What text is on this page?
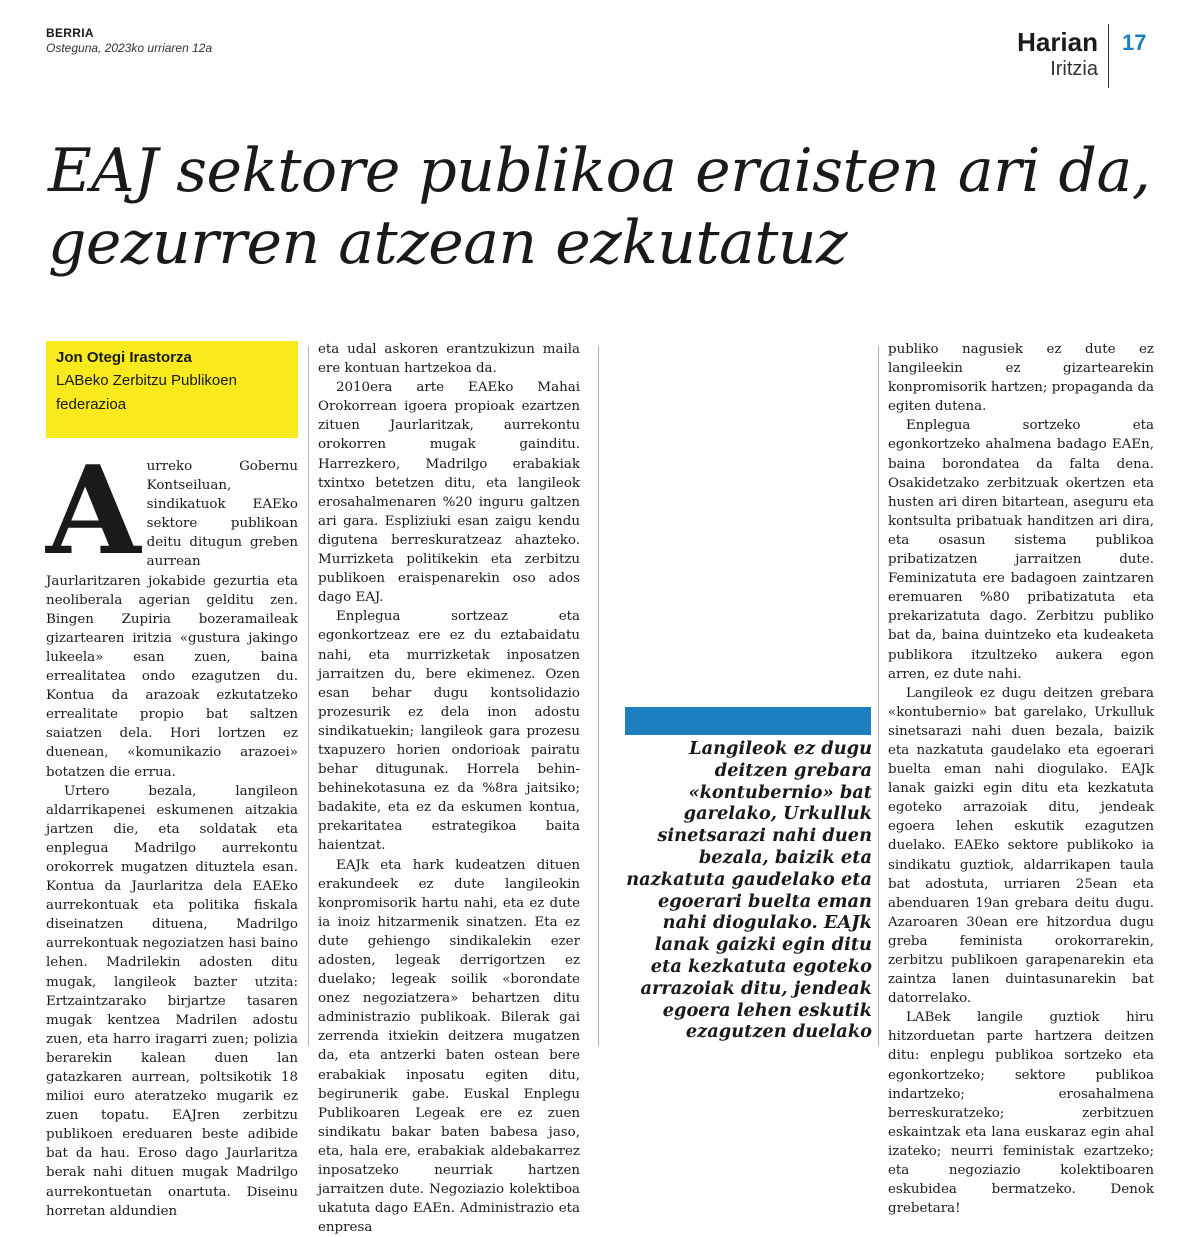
BERRIA
Osteguna, 2023ko urriaren 12a	Harian
Iritzia
17
EAJ sektore publikoa eraisten ari da, gezurren atzean ezkutatuz
Jon Otegi Irastorza
LABeko Zerbitzu Publikoen federazioa

Aurreko Gobernu Kontseiluan, sindikatuok EAEko sektore publikoan deitu ditugun greben aurrean Jaurlaritzaren jokabide gezurtia eta neoliberala agerian gelditu zen. Bingen Zupiria bozeramaileak gizartearen iritzia «gustura jakingo lukeela» esan zuen, baina errealitatea ondo ezagutzen du. Kontua da arazoak ezkutatzeko errealitate propio bat saltzen saiatzen dela. Hori lortzen ez duenean, «komunikazio arazoei» botatzen die errua.

Urtero bezala, langileon aldarrikapenei eskumenen aitzakia jartzen die, eta soldatak eta enplegua Madrilgo aurrekontu orokorrek mugatzen dituztela esan. Kontua da Jaurlaritza dela EAEko aurrekontuak eta politika fiskala diseinatzen dituena, Madrilgo aurrekontuak negoziatzen hasi baino lehen. Madrilekin adosten ditu mugak, langileok bazter utzita: Ertzaintzarako birjartze tasaren mugak kentzea Madrilen adostu zuen, eta harro iragarri zuen; poliziа berarekin kalean duen lan gatazkaren aurrean, poltsikotik 18 milioi euro ateratzeko mugarik ez zuen topatu. EAJren zerbitzu publikoen ereduaren beste adibide bat da hau. Eroso dago Jaurlaritza berak nahi dituen mugak Madrilgo aurrekontuetan onartuta. Diseinu horretan aldundien

eta udal askoren erantzukizun maila ere kontuan hartzekoa da.

2010era arte EAEko Mahai Orokorrean igoera propioak ezartzen zituen Jaurlaritzak, aurrekontu orokorren mugak gainditu. Harrezkero, Madrilgo erabakiak txintxo betetzen ditu, eta langileok erosahalmenaren %20 inguru galtzen ari gara. Espliziuki esan zaigu kendu digutena berreskuratzeaz ahazteko. Murrizketa politikekin eta zerbitzu publikoen eraispenarekin oso ados dago EAJ.

Enplegua sortzeaz eta egonkortzeaz ere ez du eztabaidatu nahi, eta murrizketak inposatzen jarraitzen du, bere ekimenez. Ozen esan behar dugu kontsolidazio prozesurik ez dela inon adostu sindikatuekin; langileok gara prozesu txapuzero horien ondorioak pairatu behar ditugunak. Horrela behin-behinekotasuna ez da %8ra jaitsiko; badakite, eta ez da eskumen kontua, prekaritatea estrategikoa baita haientzat.

EAJk eta hark kudeatzen dituen erakundeek ez dute langileokin konpromisorik hartu nahi, eta ez dute ia inoiz hitzarmenik sinatzen. Eta ez dute gehiengo sindikalekin ezer adosten, legeak derrigortzen ez duelako; legeak soilik «borondate onez negoziatzera» behartzen ditu administrazio publikoak. Bilerak gai zerrenda itxiekin deitzera mugatzen da, eta antzerki baten ostean bere erabakiak inposatu egiten ditu, begirunerik gabe. Euskal Enplegu Publikoaren Legeak ere ez zuen sindikatu bakar baten babesa jaso, eta, hala ere, erabakiak aldebakarrez inposatzeko neurriak hartzen jarraitzen dute. Negoziazio kolektiboa ukatuta dago EAEn. Administrazio eta enpresa

Langileok ez dugu deitzen grebara «kontubernio» bat garelako, Urkulluk sinetsarazi nahi duen bezala, baizik eta nazkatuta gaudelako eta egoerari buelta eman nahi diogulako. EAJk lanak gaizki egin ditu eta kezkatuta egoteko arrazoiak ditu, jendeak egoera lehen eskutik ezagutzen duelako

publiko nagusiek ez dute ez langileekin ez gizartearekin konpromisorik hartzen; propaganda da egiten dutena.

Enplegua sortzeko eta egonkortzeko ahalmena badago EAEn, baina borondatea da falta dena. Osakidetzako zerbitzuak okertzen eta husten ari diren bitartean, aseguru eta kontsulta pribatuak handitzen ari dira, eta osasun sistema publikoa pribatizatzen jarraitzen dute. Feminizatuta ere badagoen zaintzaren eremuaren %80 pribatizatuta eta prekarizatuta dago. Zerbitzu publiko bat da, baina duintzeko eta kudeaketa publikora itzultzeko aukera egon arren, ez dute nahi.

Langileok ez dugu deitzen grebara «kontubernio» bat garelako, Urkulluk sinetsarazi nahi duen bezala, baizik eta nazkatuta gaudelako eta egoerari buelta eman nahi diogulako. EAJk lanak gaizki egin ditu eta kezkatuta egoteko arrazoiak ditu, jendeak egoera lehen eskutik ezagutzen duelako. EAEko sektore publikoko ia sindikatu guztiok, aldarrikapen taula bat adostuta, urriaren 25ean eta abenduaren 19an grebara deitu dugu. Azaroaren 30ean ere hitzordua dugu greba feminista orokorrarekin, zerbitzu publikoen garapenarekin eta zaintza lanen duintasunarekin bat datorrelako.

LABek langile guztiok hiru hitzorduetan parte hartzera deitzen ditu: enplegu publikoa sortzeko eta egonkortzeko; sektore publikoa indartzeko; erosahalmena berreskuratzeko; zerbitzuen eskaintzak eta lana euskaraz egin ahal izateko; neurri feministak ezartzeko; eta negoziazio kolektiboaren eskubidea bermatzeko. Denok grebetara!
